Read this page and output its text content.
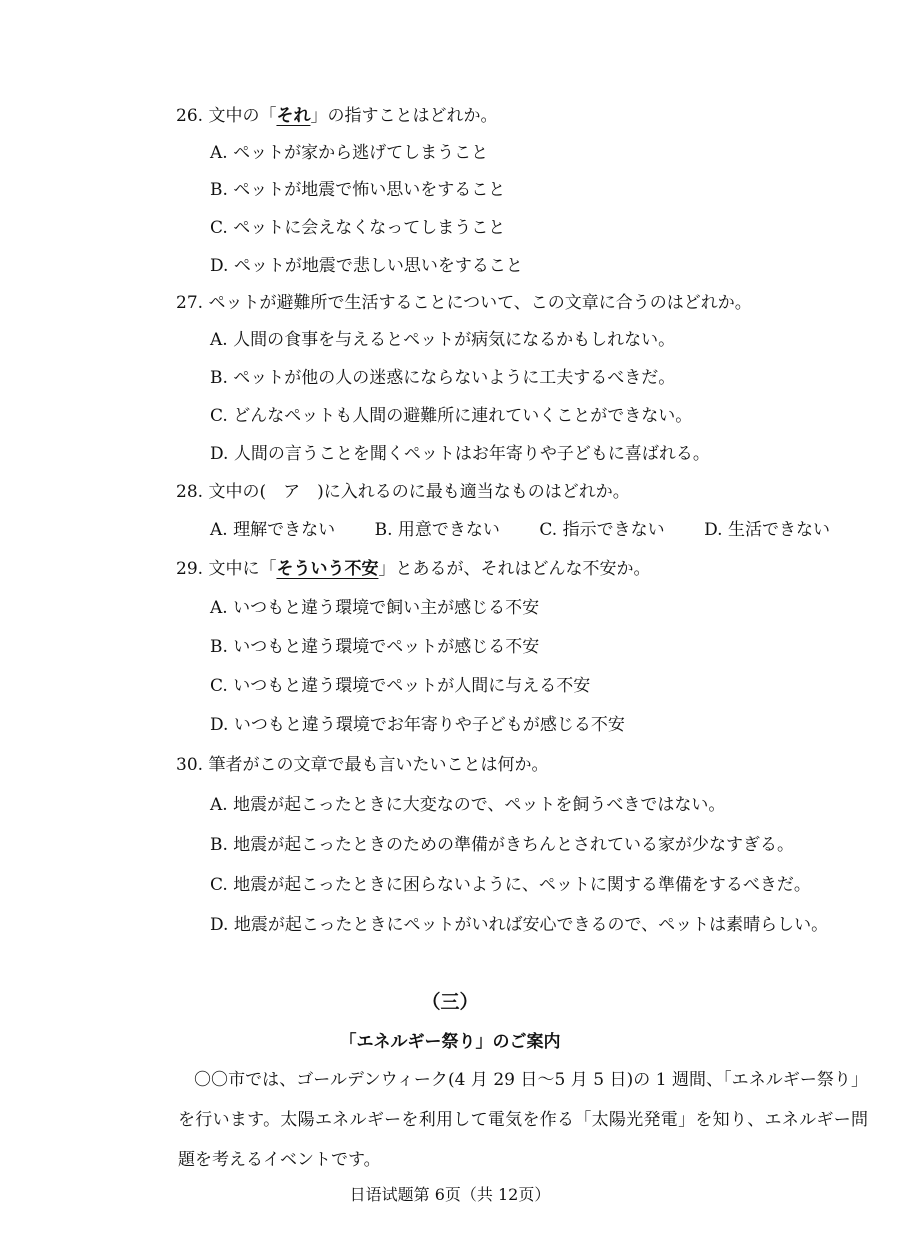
26. 文中の「それ」の指すことはどれか。
A. ペットが家から逃げてしまうこと
B. ペットが地震で怖い思いをすること
C. ペットに会えなくなってしまうこと
D. ペットが地震で悲しい思いをすること
27. ペットが避難所で生活することについて、この文章に合うのはどれか。
A. 人間の食事を与えるとペットが病気になるかもしれない。
B. ペットが他の人の迷惑にならないように工夫するべきだ。
C. どんなペットも人間の避難所に連れていくことができない。
D. 人間の言うことを聞くペットはお年寄りや子どもに喜ばれる。
28. 文中の(　ア　)に入れるのに最も適当なものはどれか。
A. 理解できない B. 用意できない C. 指示できない D. 生活できない
29. 文中に「そういう不安」とあるが、それはどんな不安か。
A. いつもと違う環境で飼い主が感じる不安
B. いつもと違う環境でペットが感じる不安
C. いつもと違う環境でペットが人間に与える不安
D. いつもと違う環境でお年寄りや子どもが感じる不安
30. 筆者がこの文章で最も言いたいことは何か。
A. 地震が起こったときに大変なので、ペットを飼うべきではない。
B. 地震が起こったときのための準備がきちんとされている家が少なすぎる。
C. 地震が起こったときに困らないように、ペットに関する準備をするべきだ。
D. 地震が起こったときにペットがいれば安心できるので、ペットは素晴らしい。
（三）
「エネルギー祭り」のご案内
〇〇市では、ゴールデンウィーク(4 月 29 日～5 月 5 日)の 1 週間、「エネルギー祭り」を行います。太陽エネルギーを利用して電気を作る「太陽光発電」を知り、エネルギー問題を考えるイベントです。
日语试题第 6页（共 12页）
